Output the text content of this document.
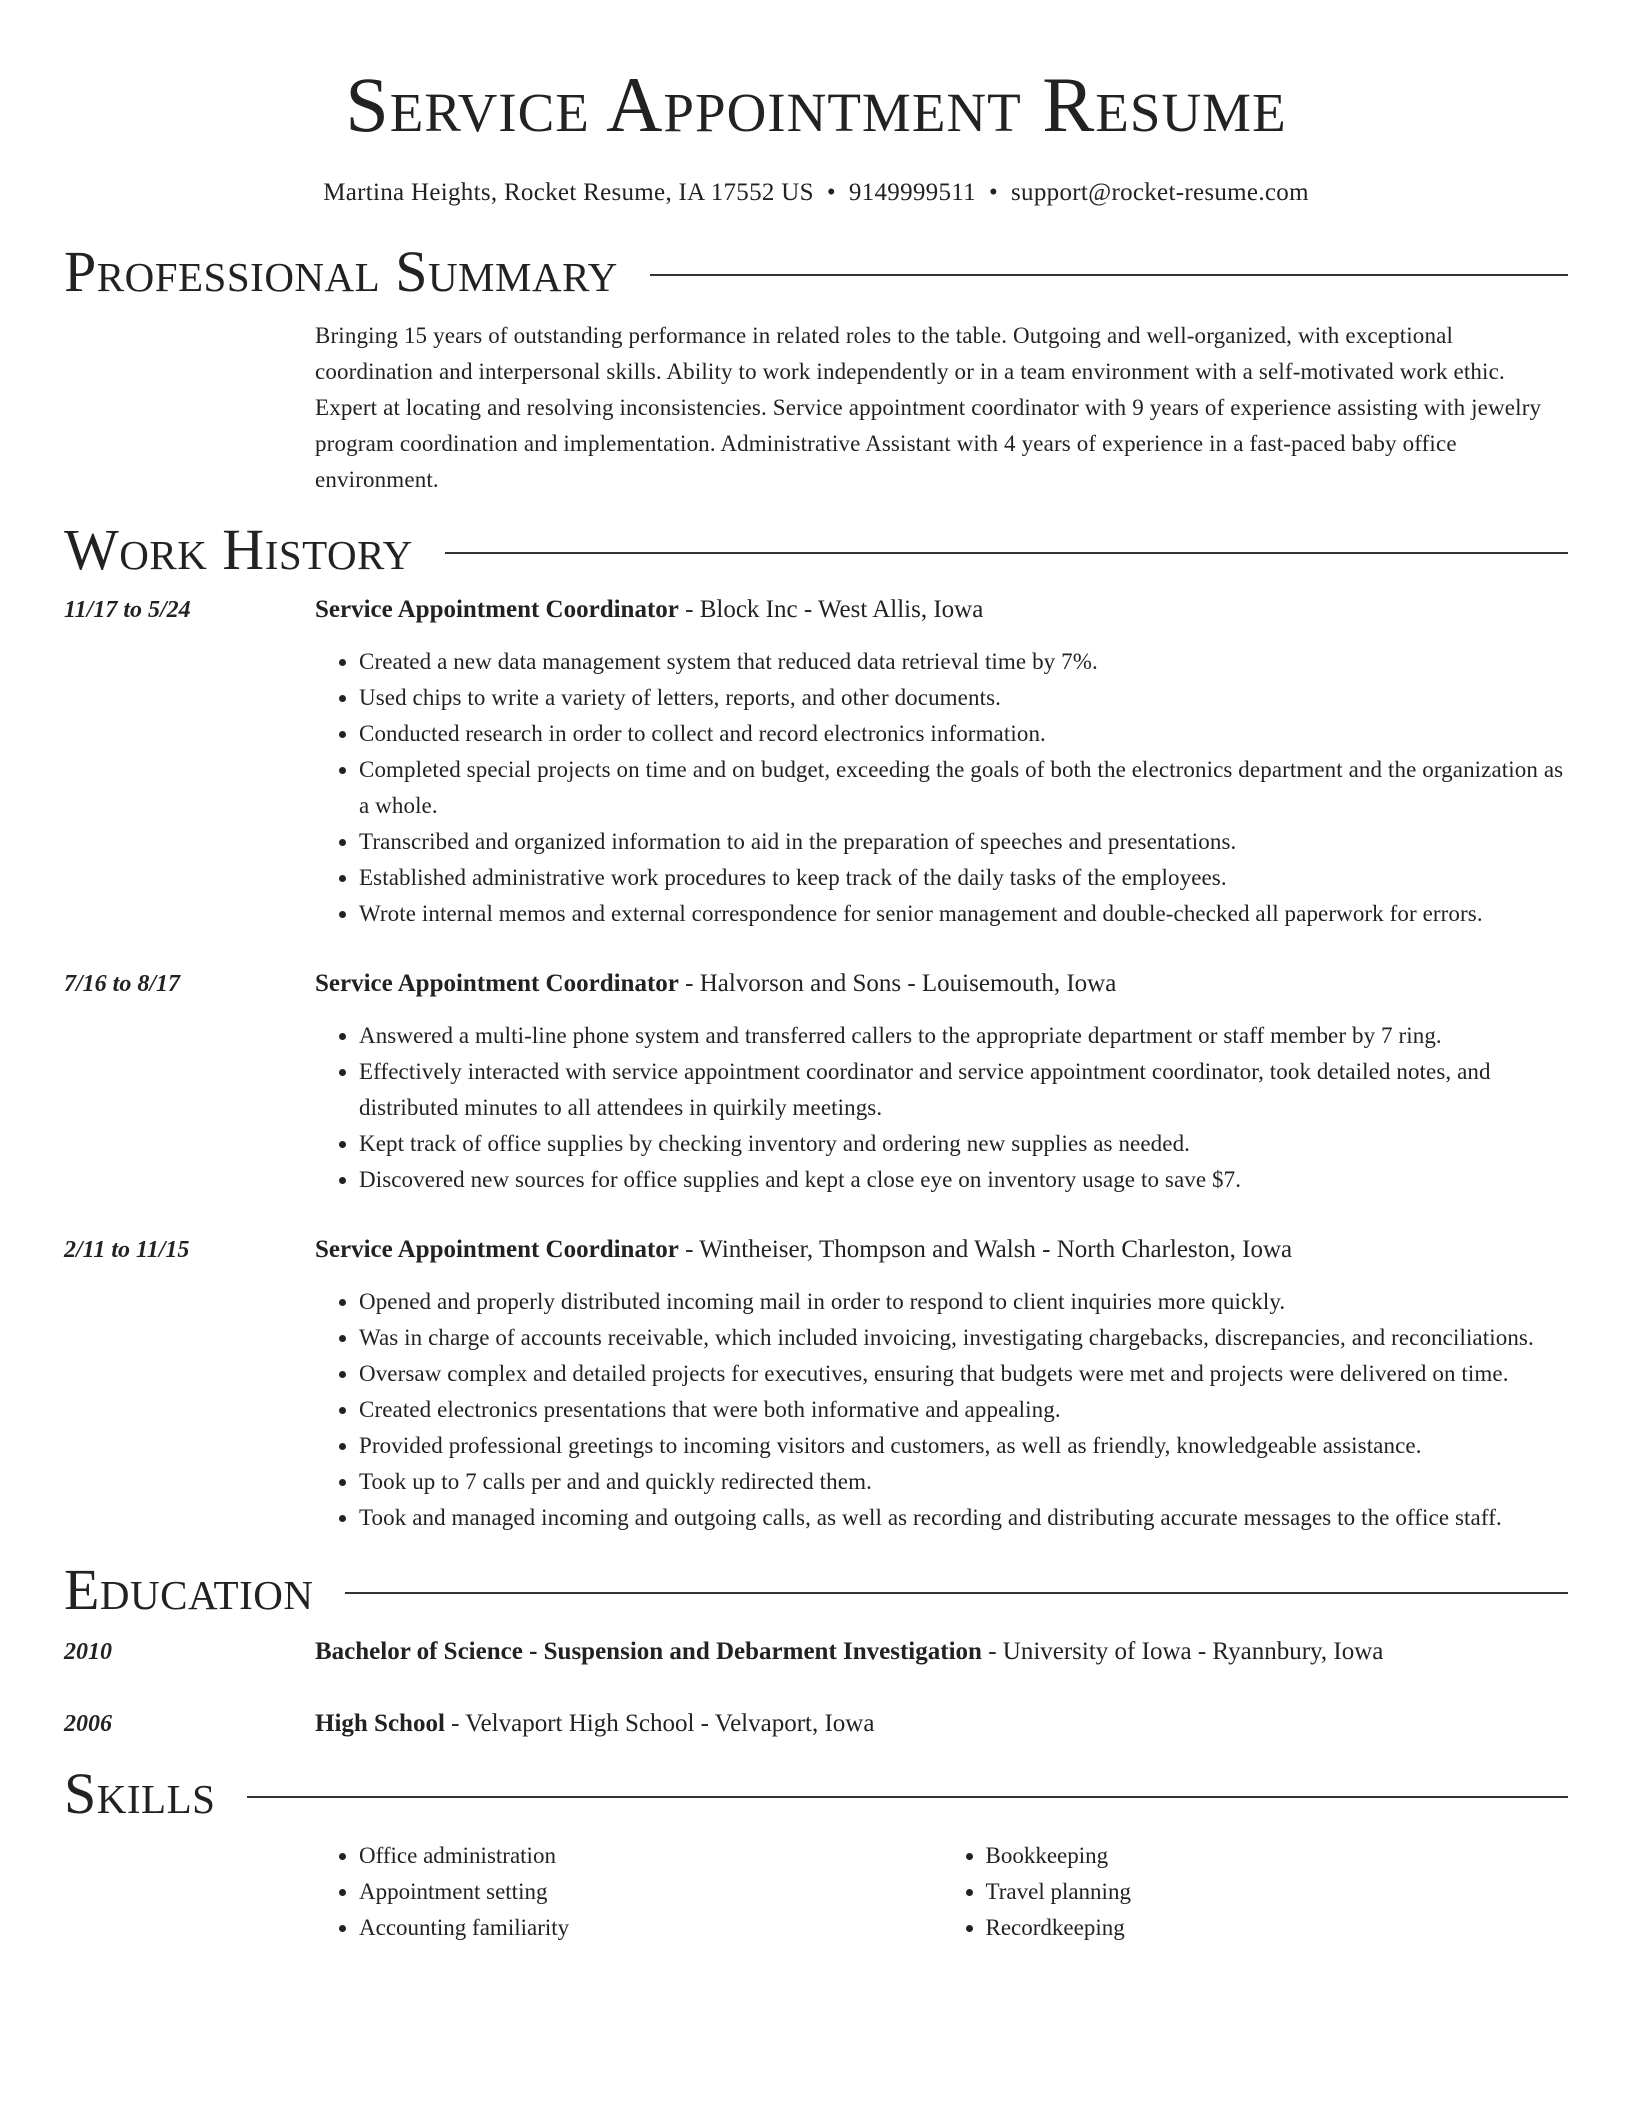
Service Appointment Resume
Martina Heights, Rocket Resume, IA 17552 US • 9149999511 • support@rocket-resume.com
Professional Summary
Bringing 15 years of outstanding performance in related roles to the table. Outgoing and well-organized, with exceptional coordination and interpersonal skills. Ability to work independently or in a team environment with a self-motivated work ethic. Expert at locating and resolving inconsistencies. Service appointment coordinator with 9 years of experience assisting with jewelry program coordination and implementation. Administrative Assistant with 4 years of experience in a fast-paced baby office environment.
Work History
11/17 to 5/24	Service Appointment Coordinator - Block Inc - West Allis, Iowa
• Created a new data management system that reduced data retrieval time by 7%.
• Used chips to write a variety of letters, reports, and other documents.
• Conducted research in order to collect and record electronics information.
• Completed special projects on time and on budget, exceeding the goals of both the electronics department and the organization as a whole.
• Transcribed and organized information to aid in the preparation of speeches and presentations.
• Established administrative work procedures to keep track of the daily tasks of the employees.
• Wrote internal memos and external correspondence for senior management and double-checked all paperwork for errors.
7/16 to 8/17	Service Appointment Coordinator - Halvorson and Sons - Louisemouth, Iowa
• Answered a multi-line phone system and transferred callers to the appropriate department or staff member by 7 ring.
• Effectively interacted with service appointment coordinator and service appointment coordinator, took detailed notes, and distributed minutes to all attendees in quirkily meetings.
• Kept track of office supplies by checking inventory and ordering new supplies as needed.
• Discovered new sources for office supplies and kept a close eye on inventory usage to save $7.
2/11 to 11/15	Service Appointment Coordinator - Wintheiser, Thompson and Walsh - North Charleston, Iowa
• Opened and properly distributed incoming mail in order to respond to client inquiries more quickly.
• Was in charge of accounts receivable, which included invoicing, investigating chargebacks, discrepancies, and reconciliations.
• Oversaw complex and detailed projects for executives, ensuring that budgets were met and projects were delivered on time.
• Created electronics presentations that were both informative and appealing.
• Provided professional greetings to incoming visitors and customers, as well as friendly, knowledgeable assistance.
• Took up to 7 calls per and and quickly redirected them.
• Took and managed incoming and outgoing calls, as well as recording and distributing accurate messages to the office staff.
Education
2010	Bachelor of Science - Suspension and Debarment Investigation - University of Iowa - Ryannbury, Iowa
2006	High School - Velvaport High School - Velvaport, Iowa
Skills
• Office administration
• Appointment setting
• Accounting familiarity
• Bookkeeping
• Travel planning
• Recordkeeping
